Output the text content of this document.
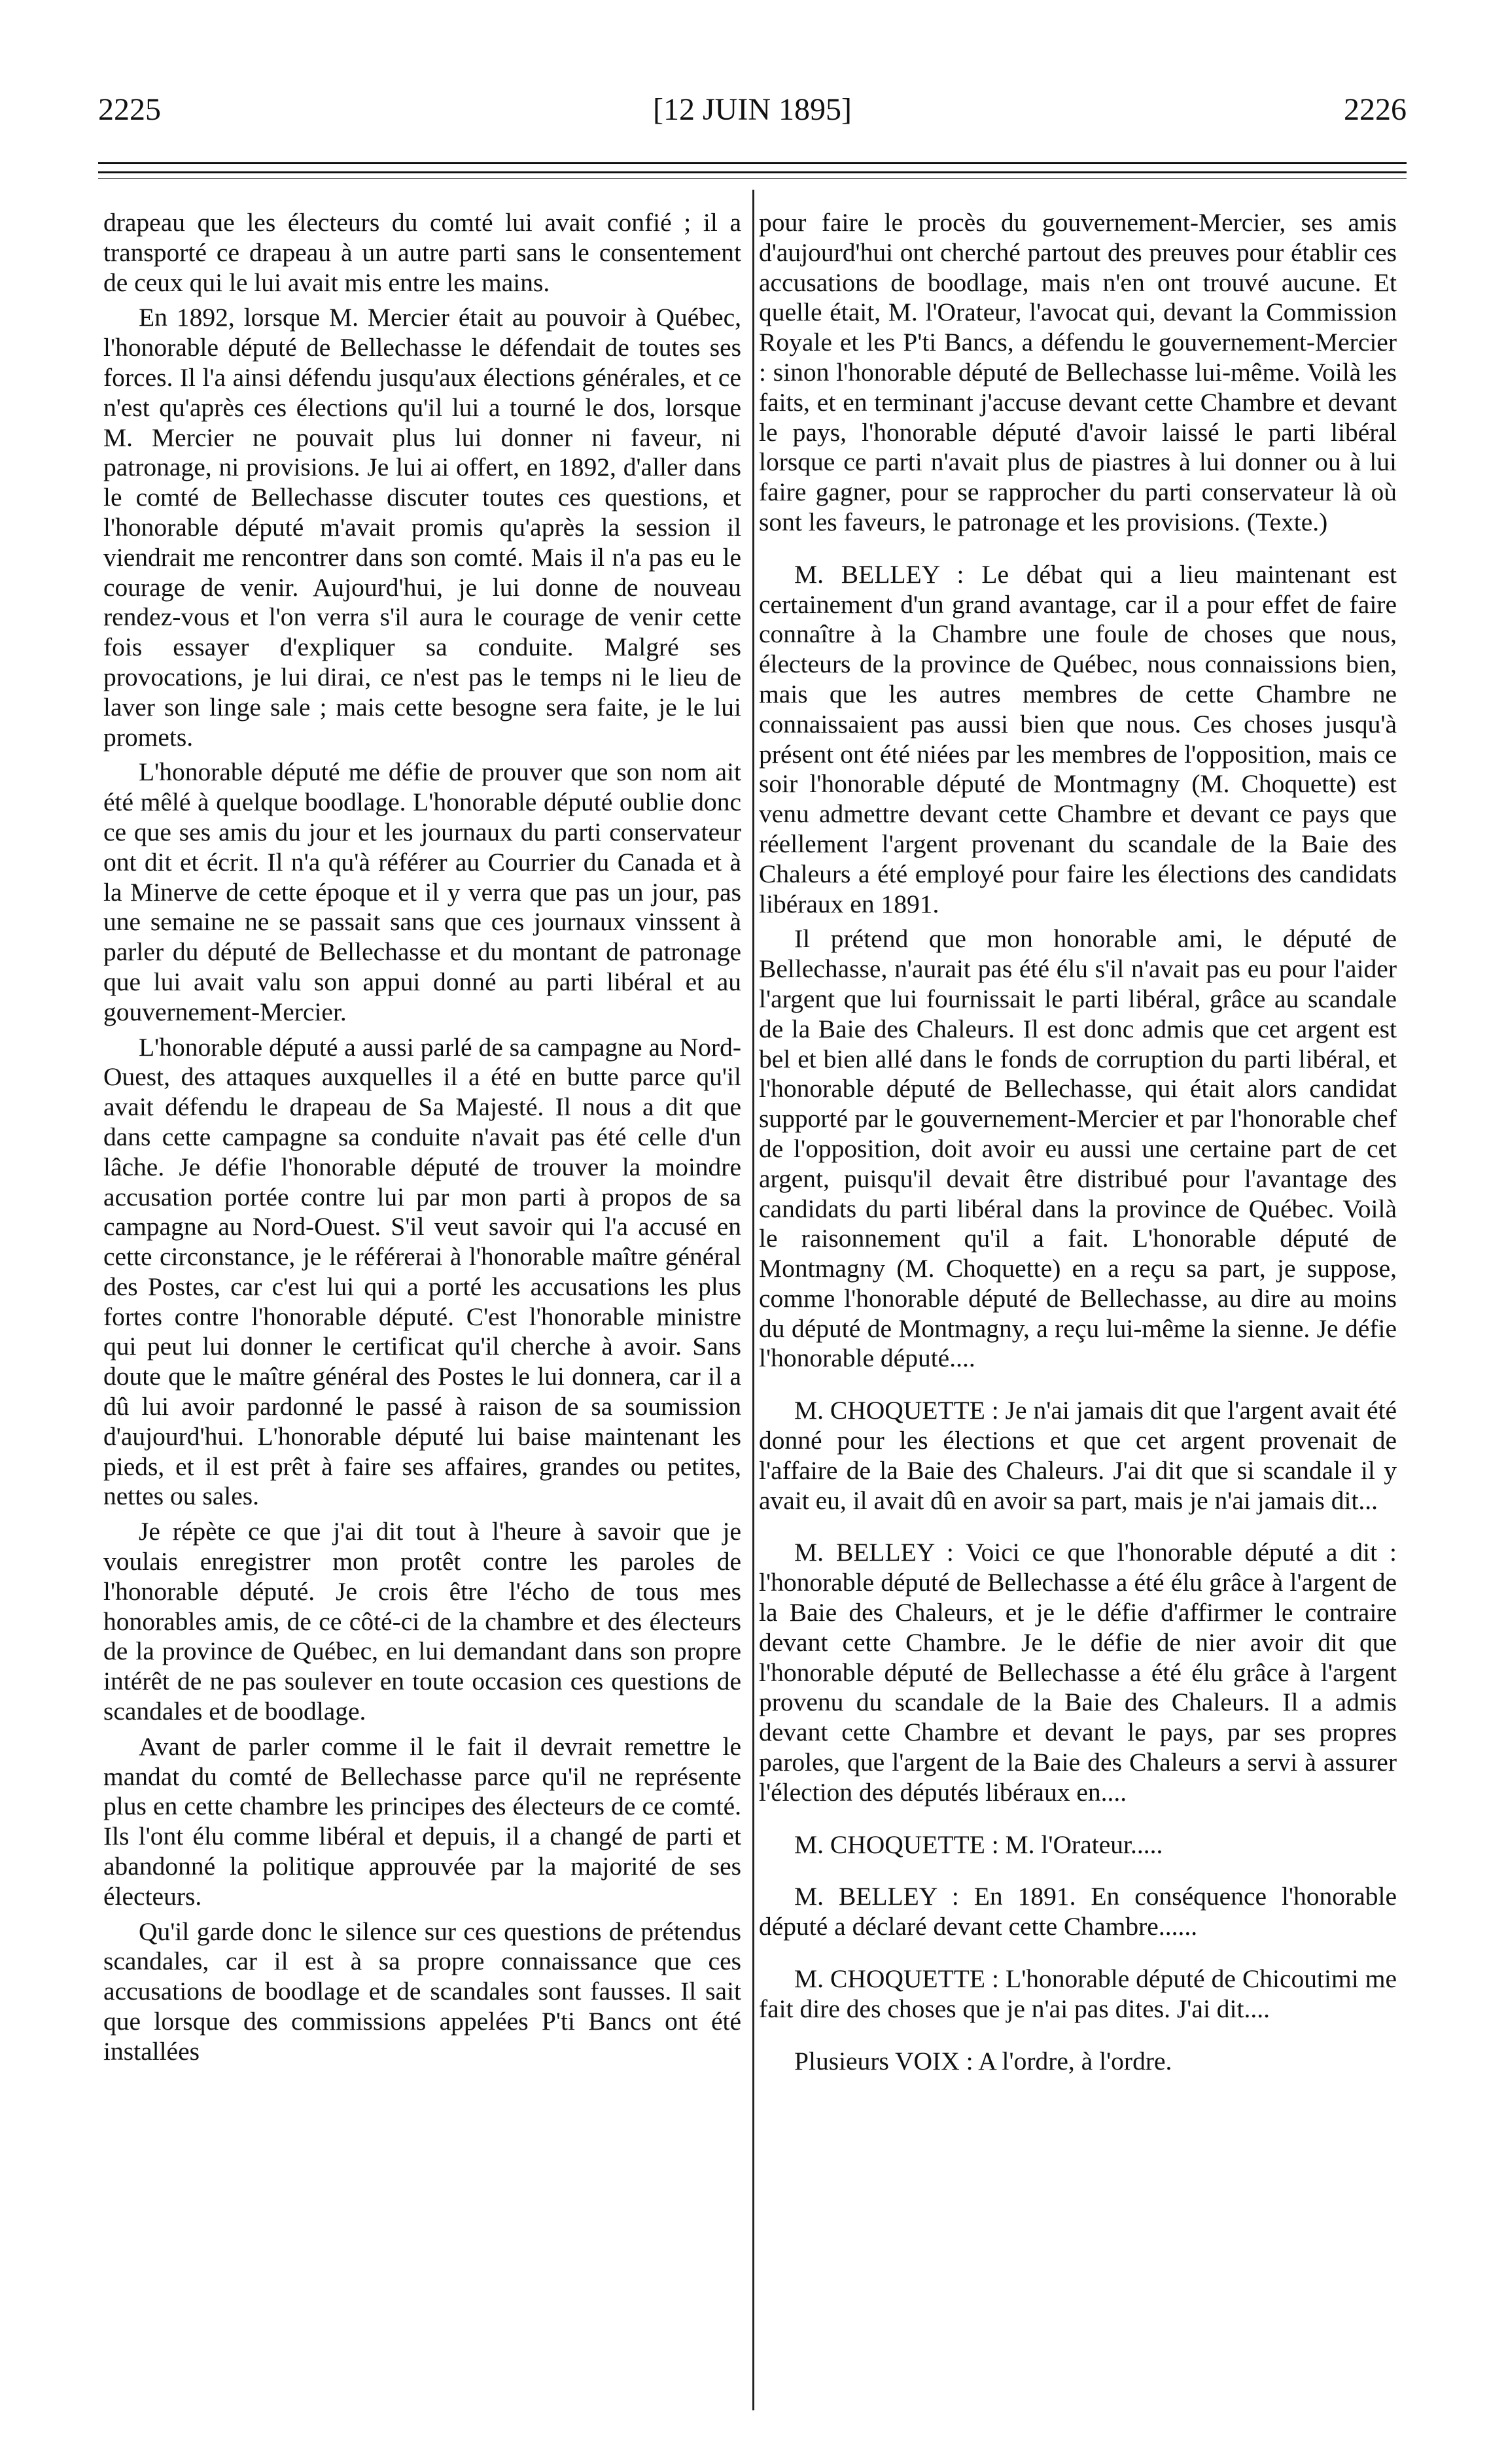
2225	[12 JUIN 1895]	2226

drapeau que les électeurs du comté lui avait confié ; il a transporté ce drapeau à un autre parti sans le consentement de ceux qui le lui avait mis entre les mains.

En 1892, lorsque M. Mercier était au pouvoir à Québec, l'honorable député de Bellechasse le défendait de toutes ses forces. Il l'a ainsi défendu jusqu'aux élections générales, et ce n'est qu'après ces élections qu'il lui a tourné le dos, lorsque M. Mercier ne pouvait plus lui donner ni faveur, ni patronage, ni provisions. Je lui ai offert, en 1892, d'aller dans le comté de Bellechasse discuter toutes ces questions, et l'honorable député m'avait promis qu'après la session il viendrait me rencontrer dans son comté. Mais il n'a pas eu le courage de venir. Aujourd'hui, je lui donne de nouveau rendez-vous et l'on verra s'il aura le courage de venir cette fois essayer d'expliquer sa conduite. Malgré ses provocations, je lui dirai, ce n'est pas le temps ni le lieu de laver son linge sale ; mais cette besogne sera faite, je le lui promets.

L'honorable député me défie de prouver que son nom ait été mêlé à quelque boodlage. L'honorable député oublie donc ce que ses amis du jour et les journaux du parti conservateur ont dit et écrit. Il n'a qu'à référer au Courrier du Canada et à la Minerve de cette époque et il y verra que pas un jour, pas une semaine ne se passait sans que ces journaux vinssent à parler du député de Bellechasse et du montant de patronage que lui avait valu son appui donné au parti libéral et au gouvernement-Mercier.

L'honorable député a aussi parlé de sa campagne au Nord-Ouest, des attaques auxquelles il a été en butte parce qu'il avait défendu le drapeau de Sa Majesté. Il nous a dit que dans cette campagne sa conduite n'avait pas été celle d'un lâche. Je défie l'honorable député de trouver la moindre accusation portée contre lui par mon parti à propos de sa campagne au Nord-Ouest. S'il veut savoir qui l'a accusé en cette circonstance, je le référerai à l'honorable maître général des Postes, car c'est lui qui a porté les accusations les plus fortes contre l'honorable député. C'est l'honorable ministre qui peut lui donner le certificat qu'il cherche à avoir. Sans doute que le maître général des Postes le lui donnera, car il a dû lui avoir pardonné le passé à raison de sa soumission d'aujourd'hui. L'honorable député lui baise maintenant les pieds, et il est prêt à faire ses affaires, grandes ou petites, nettes ou sales.

Je répète ce que j'ai dit tout à l'heure à savoir que je voulais enregistrer mon protêt contre les paroles de l'honorable député. Je crois être l'écho de tous mes honorables amis, de ce côté-ci de la chambre et des électeurs de la province de Québec, en lui demandant dans son propre intérêt de ne pas soulever en toute occasion ces questions de scandales et de boodlage.

Avant de parler comme il le fait il devrait remettre le mandat du comté de Bellechasse parce qu'il ne représente plus en cette chambre les principes des électeurs de ce comté. Ils l'ont élu comme libéral et depuis, il a changé de parti et abandonné la politique approuvée par la majorité de ses électeurs.

Qu'il garde donc le silence sur ces questions de prétendus scandales, car il est à sa propre connaissance que ces accusations de boodlage et de scandales sont fausses. Il sait que lorsque des commissions appelées P'ti Bancs ont été installées

pour faire le procès du gouvernement-Mercier, ses amis d'aujourd'hui ont cherché partout des preuves pour établir ces accusations de boodlage, mais n'en ont trouvé aucune. Et quelle était, M. l'Orateur, l'avocat qui, devant la Commission Royale et les P'ti Bancs, a défendu le gouvernement-Mercier : sinon l'honorable député de Bellechasse lui-même. Voilà les faits, et en terminant j'accuse devant cette Chambre et devant le pays, l'honorable député d'avoir laissé le parti libéral lorsque ce parti n'avait plus de piastres à lui donner ou à lui faire gagner, pour se rapprocher du parti conservateur là où sont les faveurs, le patronage et les provisions. (Texte.)

M. BELLEY : Le débat qui a lieu maintenant est certainement d'un grand avantage, car il a pour effet de faire connaître à la Chambre une foule de choses que nous, électeurs de la province de Québec, nous connaissions bien, mais que les autres membres de cette Chambre ne connaissaient pas aussi bien que nous. Ces choses jusqu'à présent ont été niées par les membres de l'opposition, mais ce soir l'honorable député de Montmagny (M. Choquette) est venu admettre devant cette Chambre et devant ce pays que réellement l'argent provenant du scandale de la Baie des Chaleurs a été employé pour faire les élections des candidats libéraux en 1891.

Il prétend que mon honorable ami, le député de Bellechasse, n'aurait pas été élu s'il n'avait pas eu pour l'aider l'argent que lui fournissait le parti libéral, grâce au scandale de la Baie des Chaleurs. Il est donc admis que cet argent est bel et bien allé dans le fonds de corruption du parti libéral, et l'honorable député de Bellechasse, qui était alors candidat supporté par le gouvernement-Mercier et par l'honorable chef de l'opposition, doit avoir eu aussi une certaine part de cet argent, puisqu'il devait être distribué pour l'avantage des candidats du parti libéral dans la province de Québec. Voilà le raisonnement qu'il a fait. L'honorable député de Montmagny (M. Choquette) en a reçu sa part, je suppose, comme l'honorable député de Bellechasse, au dire au moins du député de Montmagny, a reçu lui-même la sienne. Je défie l'honorable député....

M. CHOQUETTE : Je n'ai jamais dit que l'argent avait été donné pour les élections et que cet argent provenait de l'affaire de la Baie des Chaleurs. J'ai dit que si scandale il y avait eu, il avait dû en avoir sa part, mais je n'ai jamais dit...

M. BELLEY : Voici ce que l'honorable député a dit : l'honorable député de Bellechasse a été élu grâce à l'argent de la Baie des Chaleurs, et je le défie d'affirmer le contraire devant cette Chambre. Je le défie de nier avoir dit que l'honorable député de Bellechasse a été élu grâce à l'argent provenu du scandale de la Baie des Chaleurs. Il a admis devant cette Chambre et devant le pays, par ses propres paroles, que l'argent de la Baie des Chaleurs a servi à assurer l'élection des députés libéraux en....

M. CHOQUETTE : M. l'Orateur.....

M. BELLEY : En 1891. En conséquence l'honorable député a déclaré devant cette Chambre......

M. CHOQUETTE : L'honorable député de Chicoutimi me fait dire des choses que je n'ai pas dites. J'ai dit....

Plusieurs VOIX : A l'ordre, à l'ordre.
